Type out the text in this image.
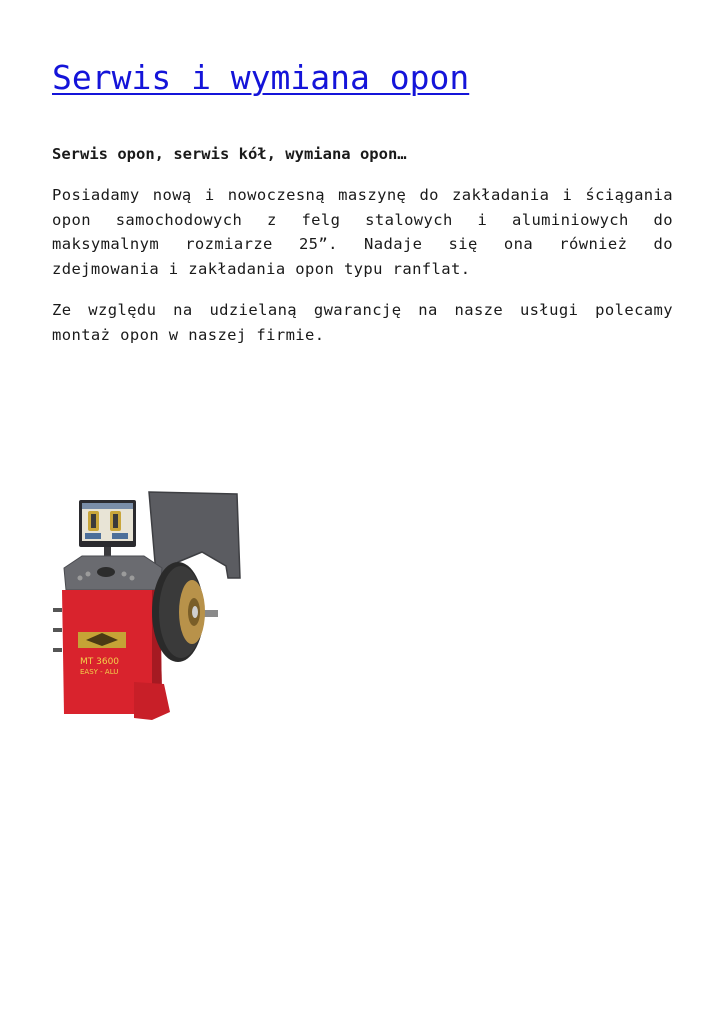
Serwis i wymiana opon

Serwis opon, serwis kół, wymiana opon…

Posiadamy nową i nowoczesną maszynę do zakładania i ściągania opon samochodowych z felg stalowych i aluminiowych do maksymalnym rozmiarze 25”. Nadaje się ona również do zdejmowania i zakładania opon typu ranflat.

Ze względu na udzielaną gwarancję na nasze usługi polecamy montaż opon w naszej firmie.

MT 3600
EASY - ALU
